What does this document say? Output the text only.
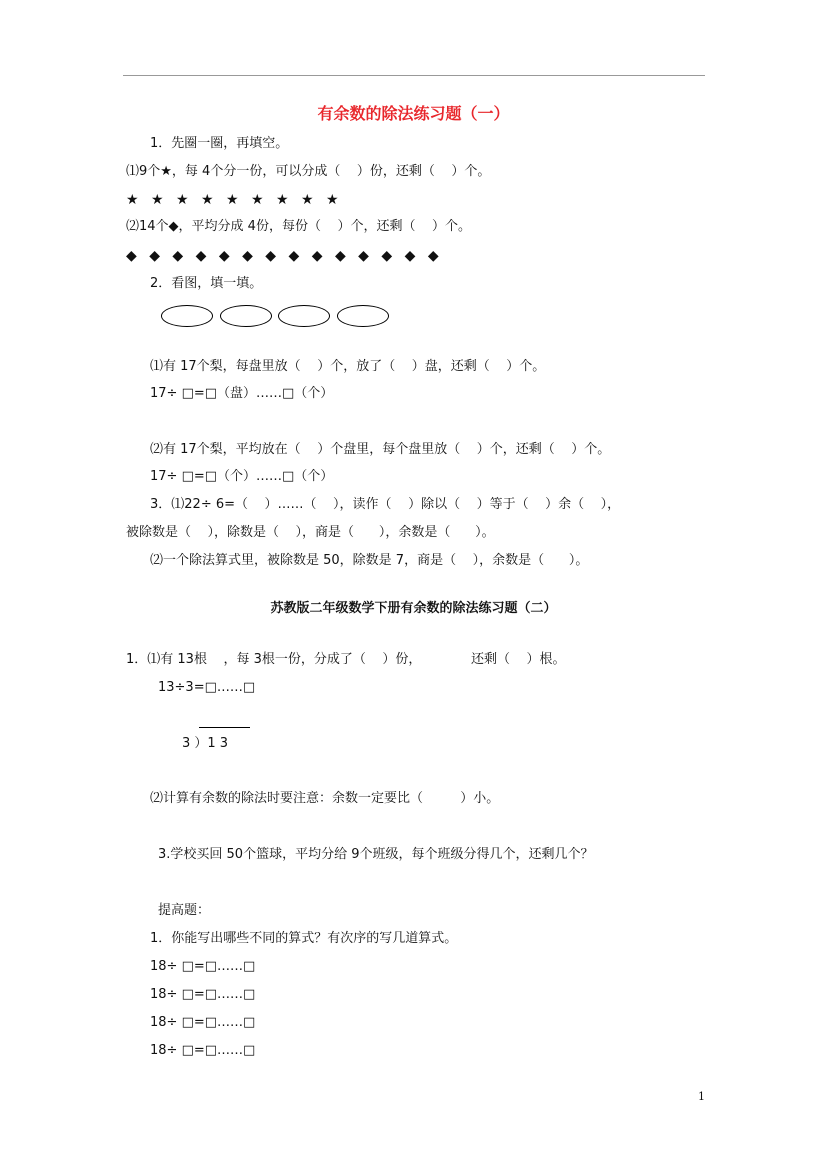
有余数的除法练习题（一）
1．先圈一圈，再填空。
⑴9个★，每 4个分一份，可以分成（    ）份，还剩（    ）个。
★ ★ ★ ★ ★ ★ ★ ★ ★
⑵14个◆，平均分成 4份，每份（    ）个，还剩（    ）个。
◆ ◆ ◆ ◆ ◆ ◆ ◆ ◆ ◆ ◆ ◆ ◆ ◆ ◆
2．看图，填一填。
⑴有 17个梨，每盘里放（    ）个，放了（    ）盘，还剩（    ）个。
17÷ □=□（盘）……□（个）
⑵有 17个梨，平均放在（    ）个盘里，每个盘里放（    ）个，还剩（    ）个。
17÷ □=□（个）……□（个）
3．⑴22÷ 6=（    ）……（    ），读作（    ）除以（    ）等于（    ）余（    ），
被除数是（    ），除数是（    ），商是（      ），余数是（      ）。
⑵一个除法算式里，被除数是 50，除数是 7，商是（    ），余数是（      ）。
苏教版二年级数学下册有余数的除法练习题（二）
1．⑴有 13根    ，每 3根一份，分成了（    ）份，            还剩（    ）根。
13÷3=□……□
3 ）1 3
⑵计算有余数的除法时要注意：余数一定要比（         ）小。
3.学校买回 50个篮球，平均分给 9个班级，每个班级分得几个，还剩几个？
提高题：
1．你能写出哪些不同的算式？有次序的写几道算式。
18÷ □=□……□
18÷ □=□……□
18÷ □=□……□
18÷ □=□……□
1
